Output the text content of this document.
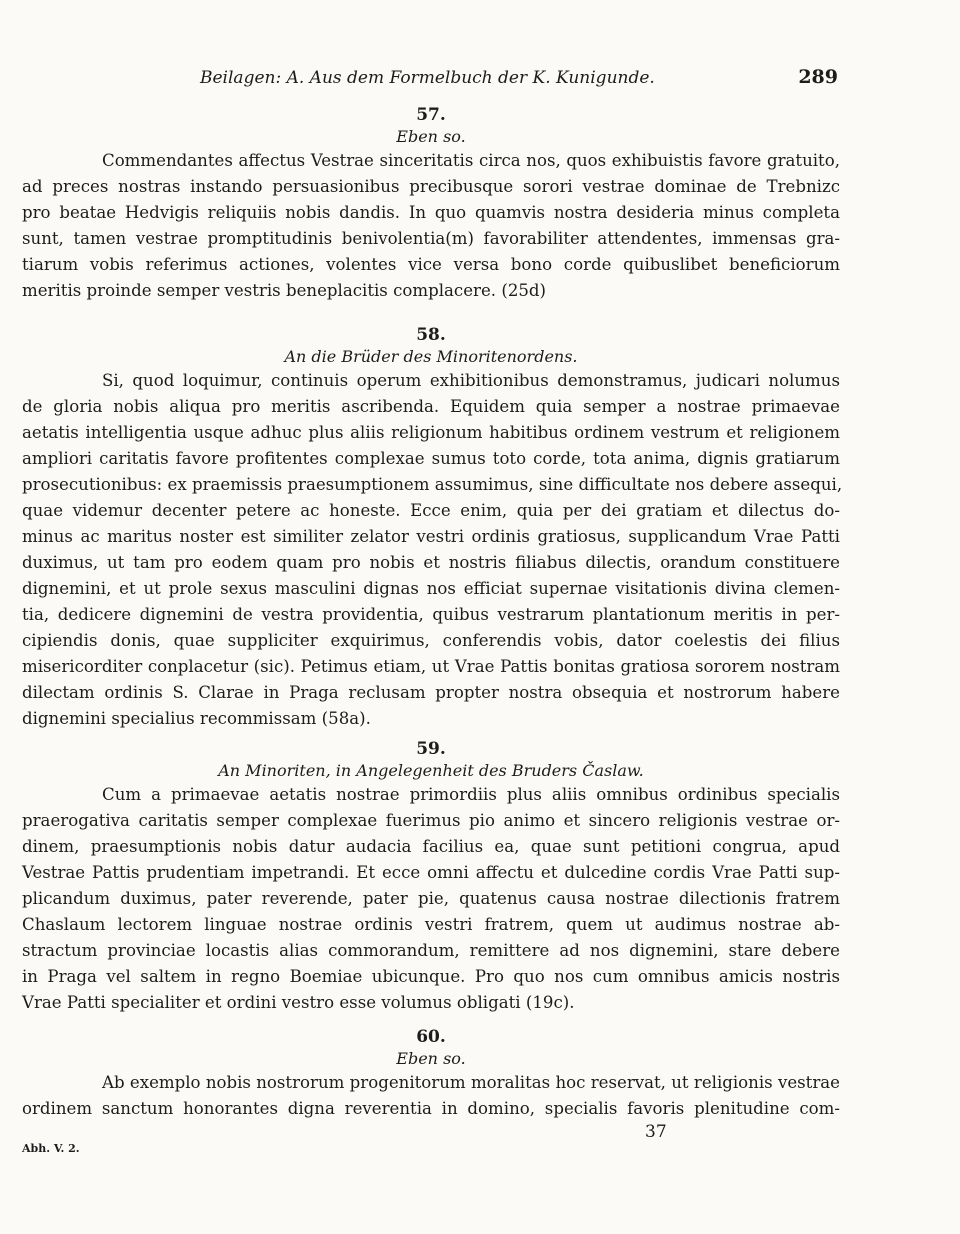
Beilagen: A. Aus dem Formelbuch der K. Kunigunde.	289

57.

Eben so.

Commendantes affectus Vestrae sinceritatis circa nos, quos exhibuistis favore gratuito,
ad preces nostras instando persuasionibus precibusque sorori vestrae dominae de Trebnizc
pro beatae Hedvigis reliquiis nobis dandis. In quo quamvis nostra desideria minus completa
sunt, tamen vestrae promptitudinis benivolentia(m) favorabiliter attendentes, immensas gra-
tiarum vobis referimus actiones, volentes vice versa bono corde quibuslibet beneficiorum
meritis proinde semper vestris beneplacitis complacere. (25d)

58.

An die Brüder des Minoritenordens.

Si, quod loquimur, continuis operum exhibitionibus demonstramus, judicari nolumus
de gloria nobis aliqua pro meritis ascribenda. Equidem quia semper a nostrae primaevae
aetatis intelligentia usque adhuc plus aliis religionum habitibus ordinem vestrum et religionem
ampliori caritatis favore profitentes complexae sumus toto corde, tota anima, dignis gratiarum
prosecutionibus: ex praemissis praesumptionem assumimus, sine difficultate nos debere assequi,
quae videmur decenter petere ac honeste. Ecce enim, quia per dei gratiam et dilectus do-
minus ac maritus noster est similiter zelator vestri ordinis gratiosus, supplicandum Vrae Patti
duximus, ut tam pro eodem quam pro nobis et nostris filiabus dilectis, orandum constituere
dignemini, et ut prole sexus masculini dignas nos efficiat supernae visitationis divina clemen-
tia, dedicere dignemini de vestra providentia, quibus vestrarum plantationum meritis in per-
cipiendis donis, quae suppliciter exquirimus, conferendis vobis, dator coelestis dei filius
misericorditer conplacetur (sic). Petimus etiam, ut Vrae Pattis bonitas gratiosa sororem nostram
dilectam ordinis S. Clarae in Praga reclusam propter nostra obsequia et nostrorum habere
dignemini specialius recommissam (58a).

59.

An Minoriten, in Angelegenheit des Bruders Časlaw.

Cum a primaevae aetatis nostrae primordiis plus aliis omnibus ordinibus specialis
praerogativa caritatis semper complexae fuerimus pio animo et sincero religionis vestrae or-
dinem, praesumptionis nobis datur audacia facilius ea, quae sunt petitioni congrua, apud
Vestrae Pattis prudentiam impetrandi. Et ecce omni affectu et dulcedine cordis Vrae Patti sup-
plicandum duximus, pater reverende, pater pie, quatenus causa nostrae dilectionis fratrem
Chaslaum lectorem linguae nostrae ordinis vestri fratrem, quem ut audimus nostrae ab-
stractum provinciae locastis alias commorandum, remittere ad nos dignemini, stare debere
in Praga vel saltem in regno Boemiae ubicunque. Pro quo nos cum omnibus amicis nostris
Vrae Patti specialiter et ordini vestro esse volumus obligati (19c).

60.

Eben so.

Ab exemplo nobis nostrorum progenitorum moralitas hoc reservat, ut religionis vestrae
ordinem sanctum honorantes digna reverentia in domino, specialis favoris plenitudine com-
Abh. V. 2.
37
